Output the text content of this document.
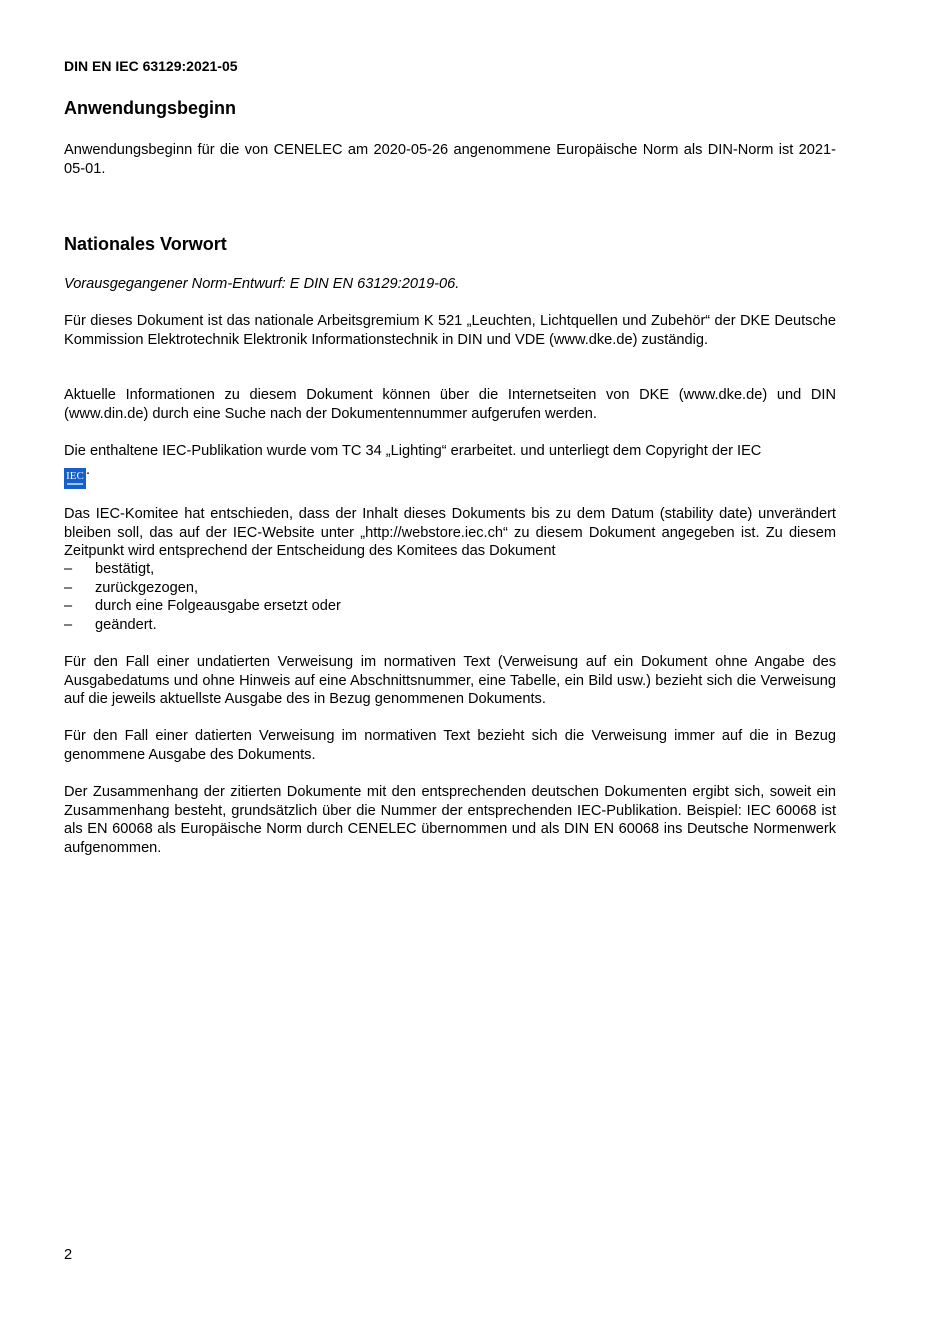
DIN EN IEC 63129:2021-05
Anwendungsbeginn

Anwendungsbeginn für die von CENELEC am 2020-05-26 angenommene Europäische Norm als DIN-Norm ist 2021-05-01.

Nationales Vorwort

Vorausgegangener Norm-Entwurf: E DIN EN 63129:2019-06.

Für dieses Dokument ist das nationale Arbeitsgremium K 521 „Leuchten, Lichtquellen und Zubehör“ der DKE Deutsche Kommission Elektrotechnik Elektronik Informationstechnik in DIN und VDE (www.dke.de) zuständig.

Aktuelle Informationen zu diesem Dokument können über die Internetseiten von DKE (www.dke.de) und DIN (www.din.de) durch eine Suche nach der Dokumentennummer aufgerufen werden.

Die enthaltene IEC-Publikation wurde vom TC 34 „Lighting“ erarbeitet. und unterliegt dem Copyright der IEC
IEC .

Das IEC-Komitee hat entschieden, dass der Inhalt dieses Dokuments bis zu dem Datum (stability date) unverändert bleiben soll, das auf der IEC-Website unter „http://webstore.iec.ch“ zu diesem Dokument angegeben ist. Zu diesem Zeitpunkt wird entsprechend der Entscheidung des Komitees das Dokument

– bestätigt,
– zurückgezogen,
– durch eine Folgeausgabe ersetzt oder
– geändert.

Für den Fall einer undatierten Verweisung im normativen Text (Verweisung auf ein Dokument ohne Angabe des Ausgabedatums und ohne Hinweis auf eine Abschnittsnummer, eine Tabelle, ein Bild usw.) bezieht sich die Verweisung auf die jeweils aktuellste Ausgabe des in Bezug genommenen Dokuments.

Für den Fall einer datierten Verweisung im normativen Text bezieht sich die Verweisung immer auf die in Bezug genommene Ausgabe des Dokuments.

Der Zusammenhang der zitierten Dokumente mit den entsprechenden deutschen Dokumenten ergibt sich, soweit ein Zusammenhang besteht, grundsätzlich über die Nummer der entsprechenden IEC-Publikation. Beispiel: IEC 60068 ist als EN 60068 als Europäische Norm durch CENELEC übernommen und als DIN EN 60068 ins Deutsche Normenwerk aufgenommen.

2
